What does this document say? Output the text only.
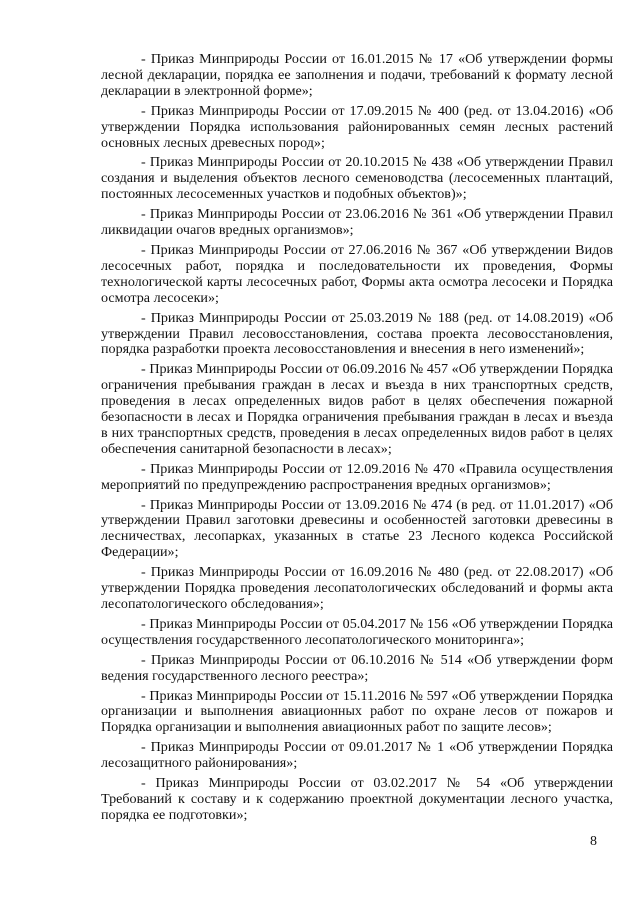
- Приказ Минприроды России от 16.01.2015 № 17 «Об утверждении формы лесной декларации, порядка ее заполнения и подачи, требований к формату лесной декларации в электронной форме»;

- Приказ Минприроды России от 17.09.2015 № 400 (ред. от 13.04.2016) «Об утверждении Порядка использования районированных семян лесных растений основных лесных древесных пород»;

- Приказ Минприроды России от 20.10.2015 № 438 «Об утверждении Правил создания и выделения объектов лесного семеноводства (лесосеменных плантаций, постоянных лесосеменных участков и подобных объектов)»;

- Приказ Минприроды России от 23.06.2016 № 361 «Об утверждении Правил ликвидации очагов вредных организмов»;

- Приказ Минприроды России от 27.06.2016 № 367 «Об утверждении Видов лесосечных работ, порядка и последовательности их проведения, Формы технологической карты лесосечных работ, Формы акта осмотра лесосеки и Порядка осмотра лесосеки»;

- Приказ Минприроды России от 25.03.2019 № 188 (ред. от 14.08.2019) «Об утверждении Правил лесовосстановления, состава проекта лесовосстановления, порядка разработки проекта лесовосстановления и внесения в него изменений»;

- Приказ Минприроды России от 06.09.2016 № 457 «Об утверждении Порядка ограничения пребывания граждан в лесах и въезда в них транспортных средств, проведения в лесах определенных видов работ в целях обеспечения пожарной безопасности в лесах и Порядка ограничения пребывания граждан в лесах и въезда в них транспортных средств, проведения в лесах определенных видов работ в целях обеспечения санитарной безопасности в лесах»;

- Приказ Минприроды России от 12.09.2016 № 470 «Правила осуществления мероприятий по предупреждению распространения вредных организмов»;

- Приказ Минприроды России от 13.09.2016 № 474 (в ред. от 11.01.2017) «Об утверждении Правил заготовки древесины и особенностей заготовки древесины в лесничествах, лесопарках, указанных в статье 23 Лесного кодекса Российской Федерации»;

- Приказ Минприроды России от 16.09.2016 № 480 (ред. от 22.08.2017) «Об утверждении Порядка проведения лесопатологических обследований и формы акта лесопатологического обследования»;

- Приказ Минприроды России от 05.04.2017 № 156 «Об утверждении Порядка осуществления государственного лесопатологического мониторинга»;

- Приказ Минприроды России от 06.10.2016 № 514 «Об утверждении форм ведения государственного лесного реестра»;

- Приказ Минприроды России от 15.11.2016 № 597 «Об утверждении Порядка организации и выполнения авиационных работ по охране лесов от пожаров и Порядка организации и выполнения авиационных работ по защите лесов»;

- Приказ Минприроды России от 09.01.2017 № 1 «Об утверждении Порядка лесозащитного районирования»;

- Приказ Минприроды России от 03.02.2017 № 54 «Об утверждении Требований к составу и к содержанию проектной документации лесного участка, порядка ее подготовки»;

8
